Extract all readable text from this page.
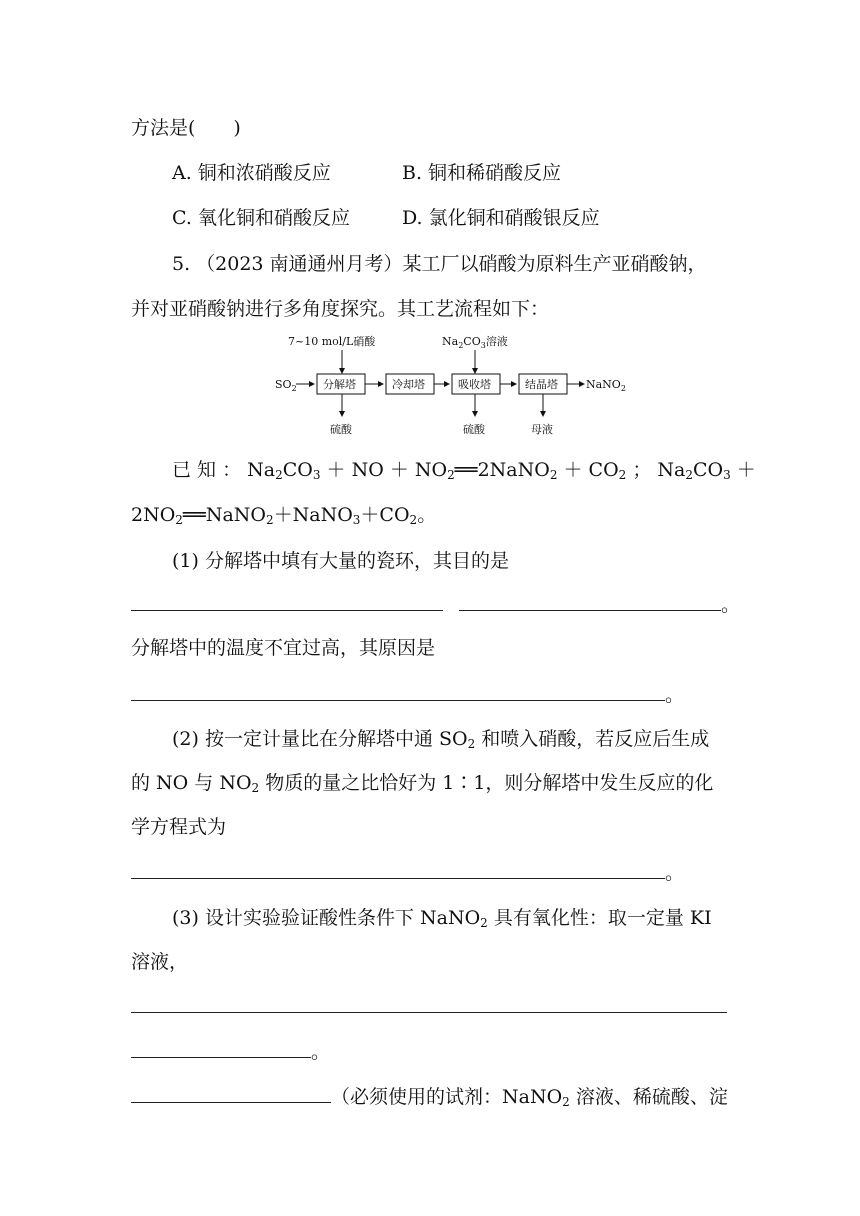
方法是(　　)
A. 铜和浓硝酸反应	B. 铜和稀硝酸反应
C. 氧化铜和硝酸反应	D. 氯化铜和硝酸银反应
5. （2023 南通通州月考）某工厂以硝酸为原料生产亚硝酸钠，
并对亚硝酸钠进行多角度探究。其工艺流程如下：
7~10 mol/L硝酸	$Na_2CO_3$溶液
$SO_2$ 分解塔	冷却塔	吸收塔	结晶塔	NaNO$_2$
硫酸	硫酸	母液
已 知 ： $Na_2CO_3$ ＋ NO ＋ $NO_2══2NaNO_2 + CO_2$ ； $Na_2CO_3$ ＋
$2NO_2══NaNO_2+NaNO_3+CO_2$。
(1) 分解塔中填有大量的瓷环，其目的是
。
分解塔中的温度不宜过高，其原因是
。
(2) 按一定计量比在分解塔中通 $SO_2$ 和喷入硝酸，若反应后生成
的 NO 与 $NO_2$ 物质的量之比恰好为 1∶1，则分解塔中发生反应的化
学方程式为
。
(3) 设计实验验证酸性条件下 NaNO$_2$ 具有氧化性：取一定量 KI
溶液，
。
（必须使用的试剂：NaNO$_2$ 溶液、稀硫酸、淀
